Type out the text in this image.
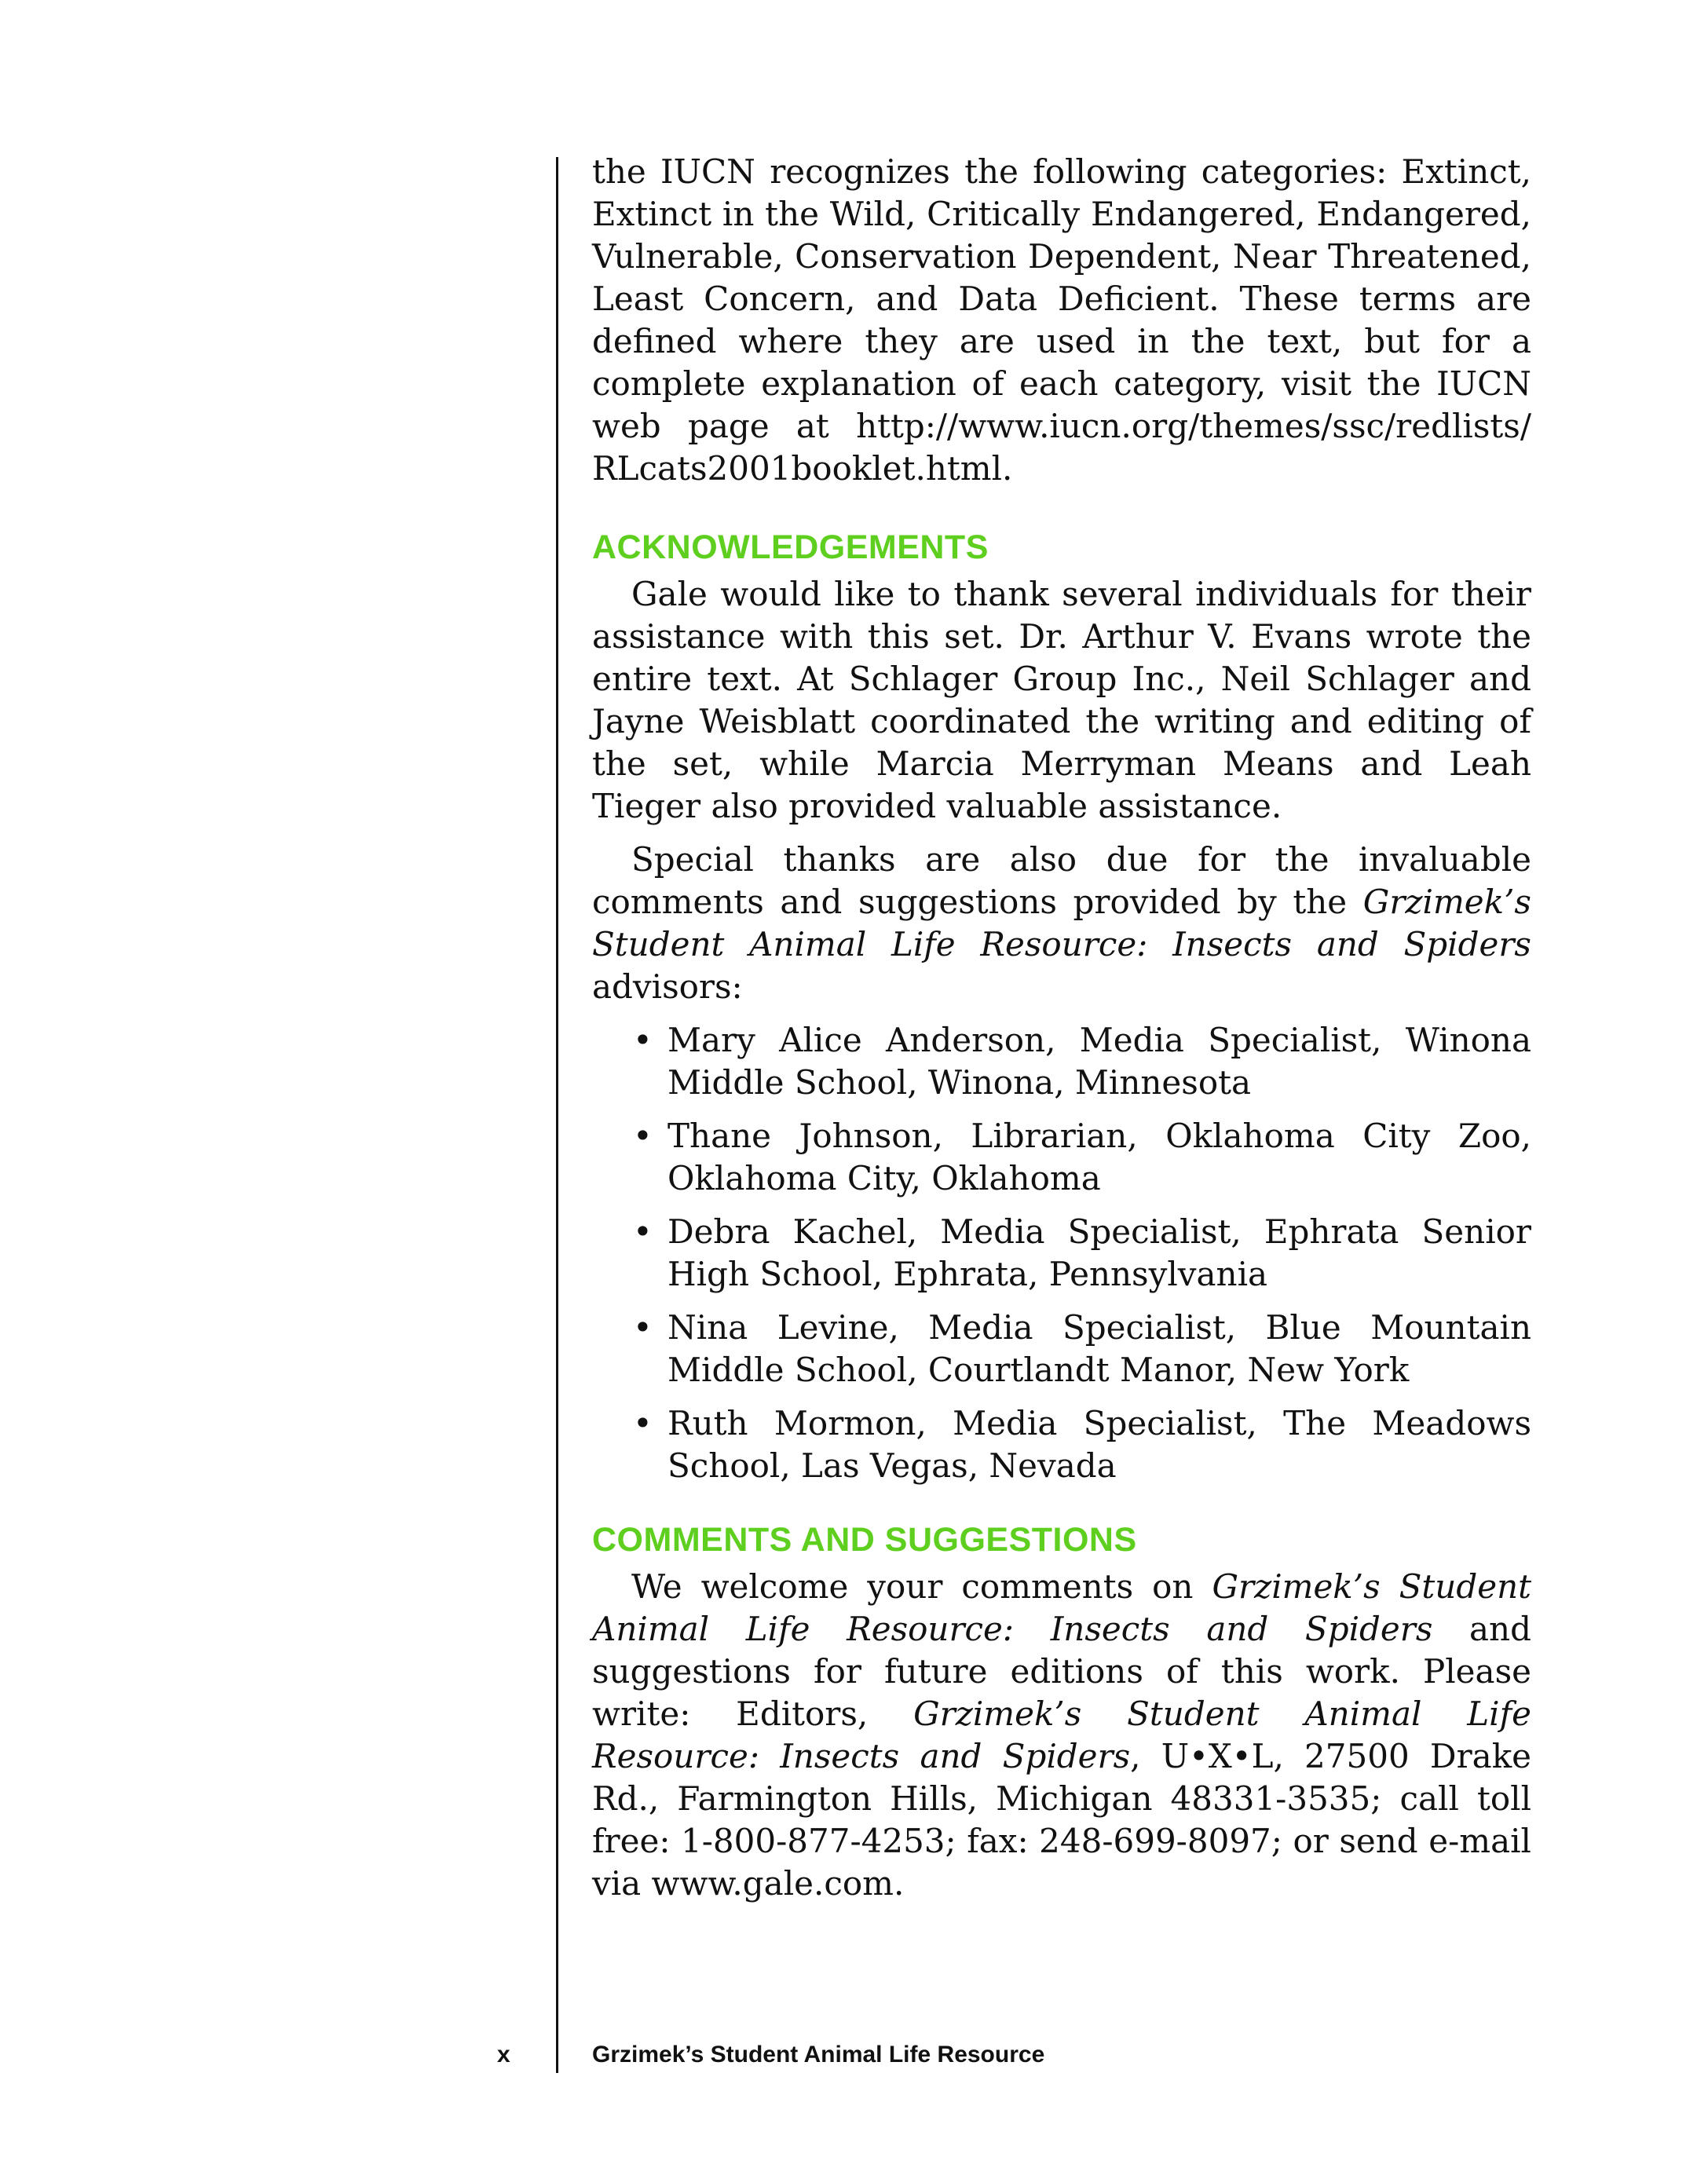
the IUCN recognizes the following categories: Extinct, Extinct in the Wild, Critically Endangered, Endangered, Vulnerable, Conservation Dependent, Near Threatened, Least Concern, and Data Deficient. These terms are defined where they are used in the text, but for a complete explanation of each category, visit the IUCN web page at http://www.iucn.org/themes/ssc/redlists/ RLcats2001booklet.html.

ACKNOWLEDGEMENTS

Gale would like to thank several individuals for their assistance with this set. Dr. Arthur V. Evans wrote the entire text. At Schlager Group Inc., Neil Schlager and Jayne Weisblatt coordinated the writing and editing of the set, while Marcia Merryman Means and Leah Tieger also provided valuable assistance.

Special thanks are also due for the invaluable comments and suggestions provided by the Grzimek’s Student Animal Life Resource: Insects and Spiders advisors:

• Mary Alice Anderson, Media Specialist, Winona Middle School, Winona, Minnesota
• Thane Johnson, Librarian, Oklahoma City Zoo, Oklahoma City, Oklahoma
• Debra Kachel, Media Specialist, Ephrata Senior High School, Ephrata, Pennsylvania
• Nina Levine, Media Specialist, Blue Mountain Middle School, Courtlandt Manor, New York
• Ruth Mormon, Media Specialist, The Meadows School, Las Vegas, Nevada
COMMENTS AND SUGGESTIONS

We welcome your comments on Grzimek’s Student Animal Life Resource: Insects and Spiders and suggestions for future editions of this work. Please write: Editors, Grzimek’s Student Animal Life Resource: Insects and Spiders, U•X•L, 27500 Drake Rd., Farmington Hills, Michigan 48331-3535; call toll free: 1-800-877-4253; fax: 248-699-8097; or send e-mail via www.gale.com.

x	Grzimek’s Student Animal Life Resource
